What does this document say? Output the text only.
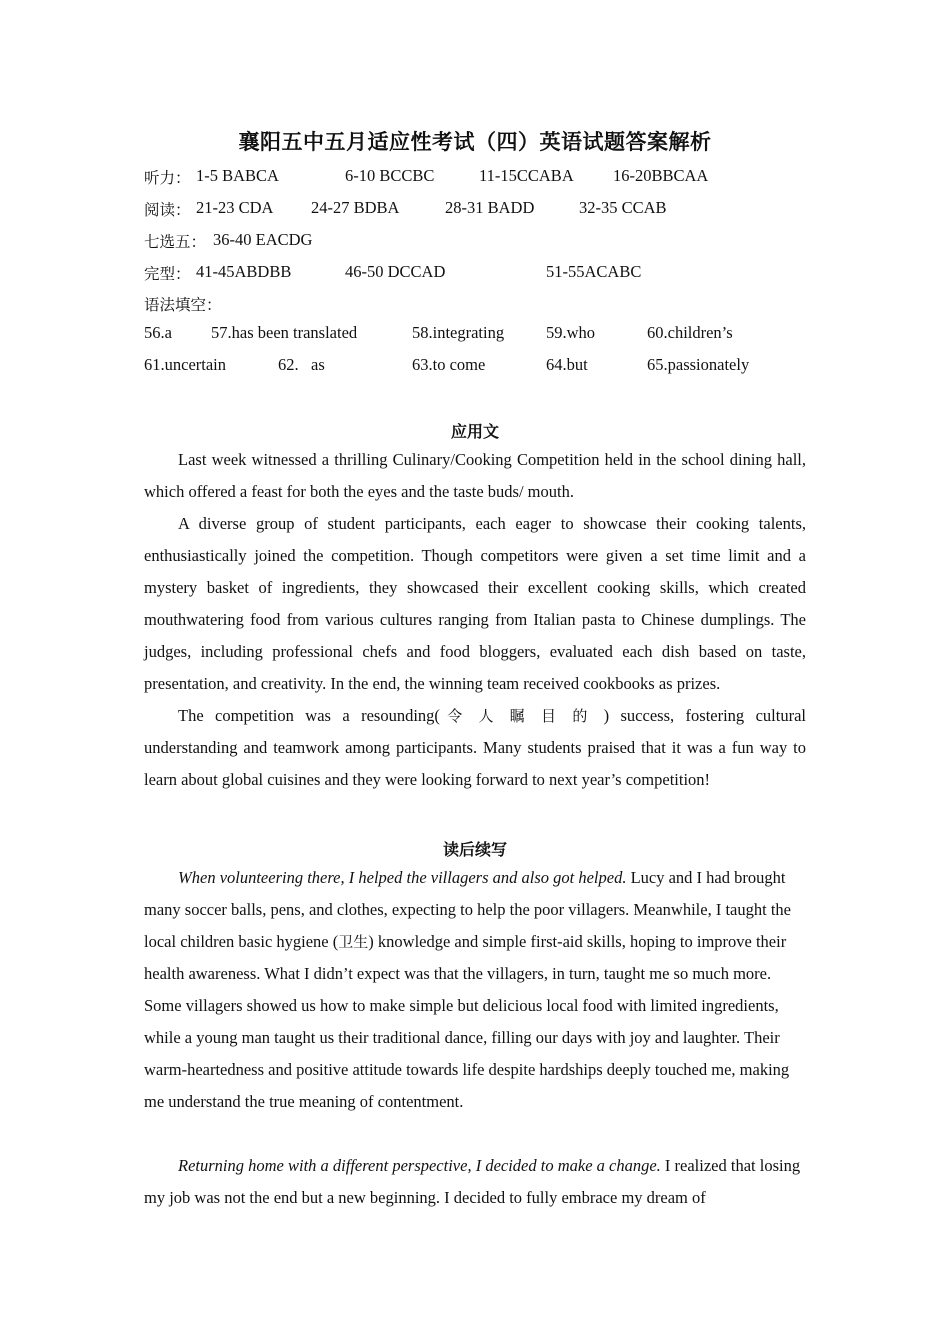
襄阳五中五月适应性考试（四）英语试题答案解析
听力： 1-5 BABCA	6-10 BCCBC	11-15CCABA 16-20BBCAA
阅读： 21-23 CDA 24-27 BDBA	28-31 BADD	32-35 CCAB
七选五： 36-40 EACDG
完型： 41-45ABDBB	46-50 DCCAD	51-55ACABC
语法填空：
56.a 57.has been translated	58.integrating	59.who	60.children’s
61.uncertain	62.   as	63.to come	64.but	65.passionately
应用文
Last week witnessed a thrilling Culinary/Cooking Competition held in the school dining hall, which offered a feast for both the eyes and the taste buds/ mouth.
A diverse group of student participants, each eager to showcase their cooking talents, enthusiastically joined the competition. Though competitors were given a set time limit and a mystery basket of ingredients, they showcased their excellent cooking skills, which created mouthwatering food from various cultures ranging from Italian pasta to Chinese dumplings. The judges, including professional chefs and food bloggers, evaluated each dish based on taste, presentation, and creativity. In the end, the winning team received cookbooks as prizes.
The competition was a resounding(令人瞩目的) success, fostering cultural understanding and teamwork among participants. Many students praised that it was a fun way to learn about global cuisines and they were looking forward to next year’s competition!
读后续写
When volunteering there, I helped the villagers and also got helped. Lucy and I had brought many soccer balls, pens, and clothes, expecting to help the poor villagers. Meanwhile, I taught the local children basic hygiene (卫生) knowledge and simple first-aid skills, hoping to improve their health awareness. What I didn’t expect was that the villagers, in turn, taught me so much more. Some villagers showed us how to make simple but delicious local food with limited ingredients, while a young man taught us their traditional dance, filling our days with joy and laughter. Their warm-heartedness and positive attitude towards life despite hardships deeply touched me, making me understand the true meaning of contentment.
Returning home with a different perspective, I decided to make a change. I realized that losing my job was not the end but a new beginning. I decided to fully embrace my dream of
